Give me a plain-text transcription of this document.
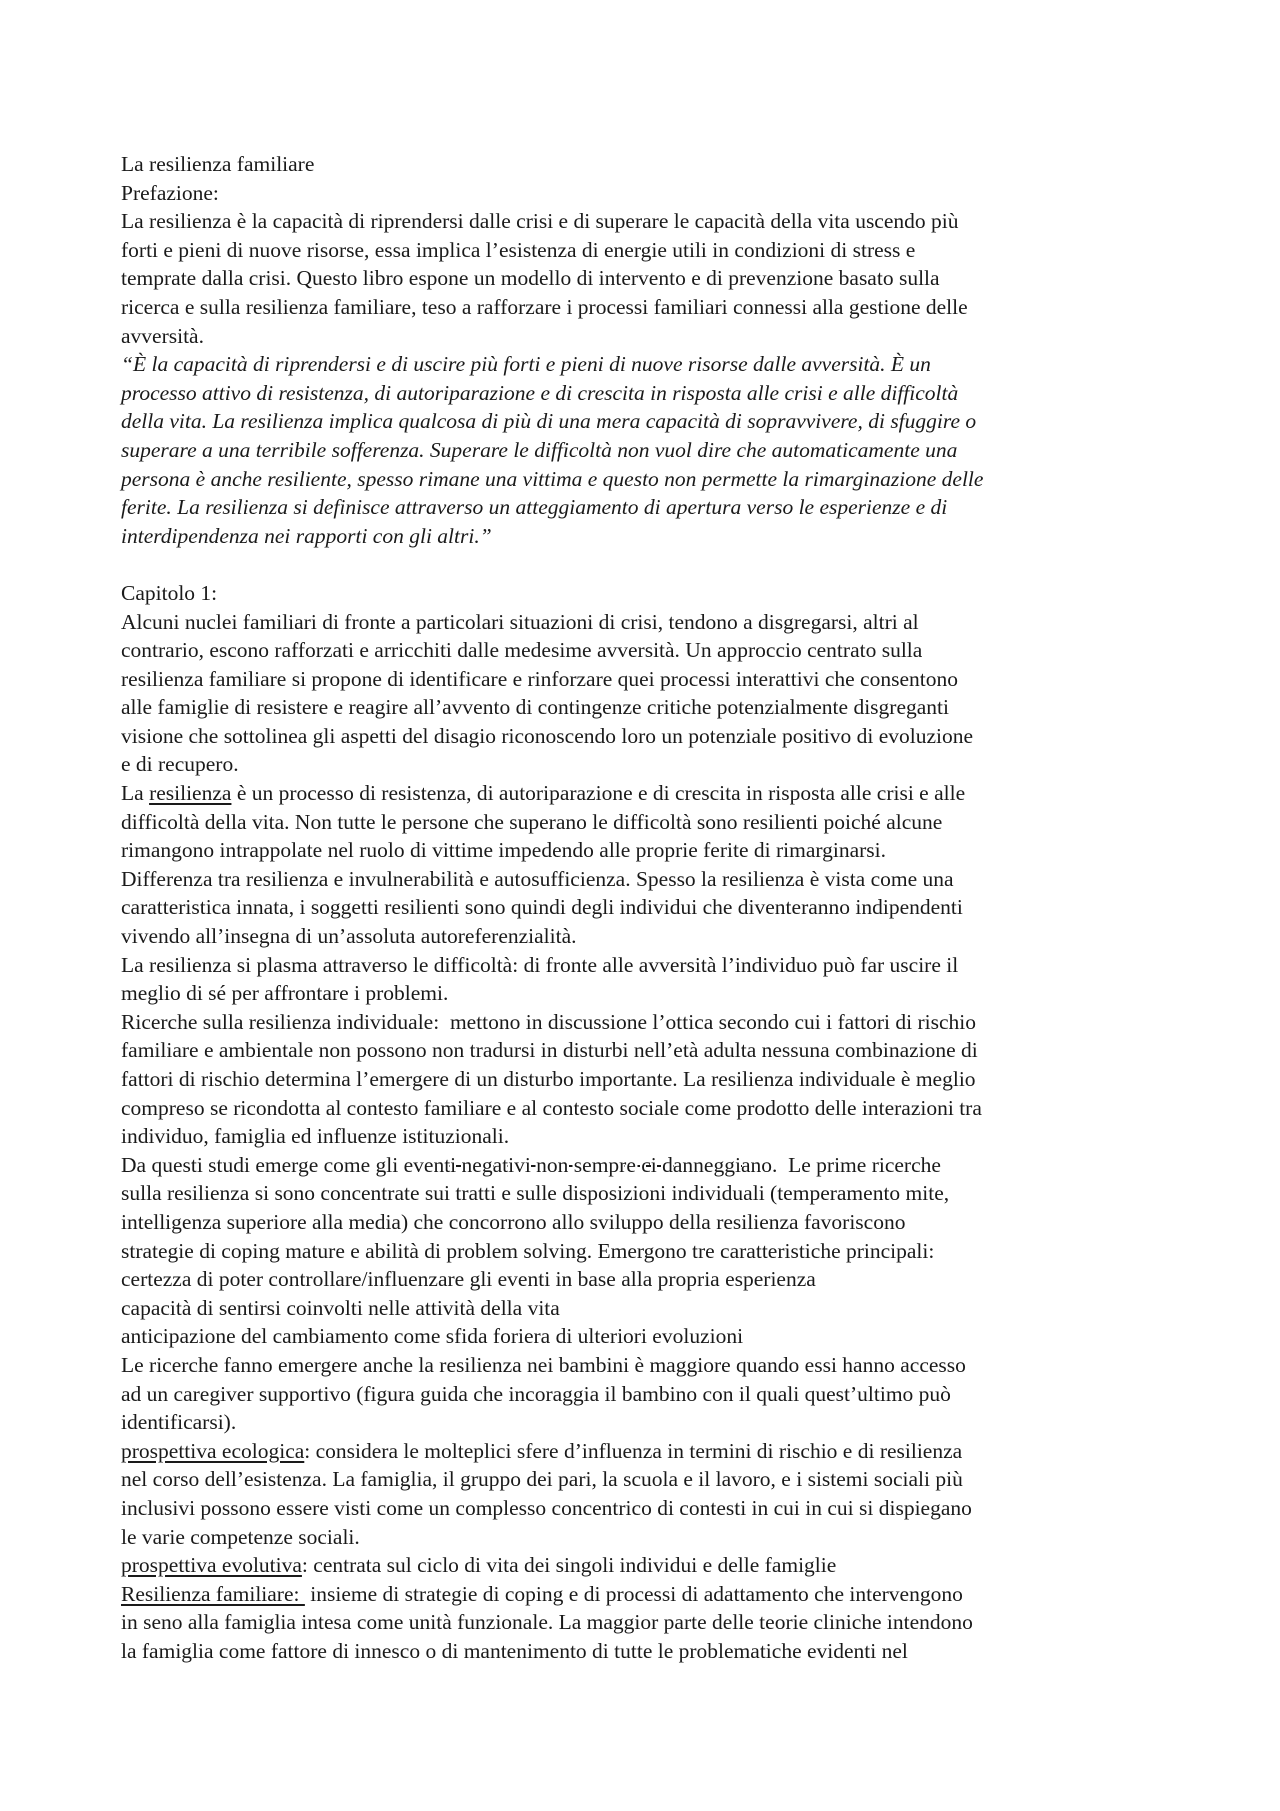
La resilienza familiare
Prefazione:
La resilienza è la capacità di riprendersi dalle crisi e di superare le capacità della vita uscendo più
forti e pieni di nuove risorse, essa implica l’esistenza di energie utili in condizioni di stress e
temprate dalla crisi. Questo libro espone un modello di intervento e di prevenzione basato sulla
ricerca e sulla resilienza familiare, teso a rafforzare i processi familiari connessi alla gestione delle
avversità.
“È la capacità di riprendersi e di uscire più forti e pieni di nuove risorse dalle avversità. È un
processo attivo di resistenza, di autoriparazione e di crescita in risposta alle crisi e alle difficoltà
della vita. La resilienza implica qualcosa di più di una mera capacità di sopravvivere, di sfuggire o
superare a una terribile sofferenza. Superare le difficoltà non vuol dire che automaticamente una
persona è anche resiliente, spesso rimane una vittima e questo non permette la rimarginazione delle
ferite. La resilienza si definisce attraverso un atteggiamento di apertura verso le esperienze e di
interdipendenza nei rapporti con gli altri.”
Capitolo 1:
Alcuni nuclei familiari di fronte a particolari situazioni di crisi, tendono a disgregarsi, altri al
contrario, escono rafforzati e arricchiti dalle medesime avversità. Un approccio centrato sulla
resilienza familiare si propone di identificare e rinforzare quei processi interattivi che consentono
alle famiglie di resistere e reagire all’avvento di contingenze critiche potenzialmente disgreganti
visione che sottolinea gli aspetti del disagio riconoscendo loro un potenziale positivo di evoluzione
e di recupero.
La resilienza è un processo di resistenza, di autoriparazione e di crescita in risposta alle crisi e alle
difficoltà della vita. Non tutte le persone che superano le difficoltà sono resilienti poiché alcune
rimangono intrappolate nel ruolo di vittime impedendo alle proprie ferite di rimarginarsi.
Differenza tra resilienza e invulnerabilità e autosufficienza. Spesso la resilienza è vista come una
caratteristica innata, i soggetti resilienti sono quindi degli individui che diventeranno indipendenti
vivendo all’insegna di un’assoluta autoreferenzialità.
La resilienza si plasma attraverso le difficoltà: di fronte alle avversità l’individuo può far uscire il
meglio di sé per affrontare i problemi.
Ricerche sulla resilienza individuale:  mettono in discussione l’ottica secondo cui i fattori di rischio
familiare e ambientale non possono non tradursi in disturbi nell’età adulta nessuna combinazione di
fattori di rischio determina l’emergere di un disturbo importante. La resilienza individuale è meglio
compreso se ricondotta al contesto familiare e al contesto sociale come prodotto delle interazioni tra
individuo, famiglia ed influenze istituzionali.
Da questi studi emerge come gli eventi negativi non sempre ci danneggiano.  Le prime ricerche
sulla resilienza si sono concentrate sui tratti e sulle disposizioni individuali (temperamento mite,
intelligenza superiore alla media) che concorrono allo sviluppo della resilienza favoriscono
strategie di coping mature e abilità di problem solving. Emergono tre caratteristiche principali:
certezza di poter controllare/influenzare gli eventi in base alla propria esperienza
capacità di sentirsi coinvolti nelle attività della vita
anticipazione del cambiamento come sfida foriera di ulteriori evoluzioni
Le ricerche fanno emergere anche la resilienza nei bambini è maggiore quando essi hanno accesso
ad un caregiver supportivo (figura guida che incoraggia il bambino con il quali quest’ultimo può
identificarsi).
prospettiva ecologica: considera le molteplici sfere d’influenza in termini di rischio e di resilienza
nel corso dell’esistenza. La famiglia, il gruppo dei pari, la scuola e il lavoro, e i sistemi sociali più
inclusivi possono essere visti come un complesso concentrico di contesti in cui in cui si dispiegano
le varie competenze sociali.
prospettiva evolutiva: centrata sul ciclo di vita dei singoli individui e delle famiglie
Resilienza familiare:  insieme di strategie di coping e di processi di adattamento che intervengono
in seno alla famiglia intesa come unità funzionale. La maggior parte delle teorie cliniche intendono
la famiglia come fattore di innesco o di mantenimento di tutte le problematiche evidenti nel
